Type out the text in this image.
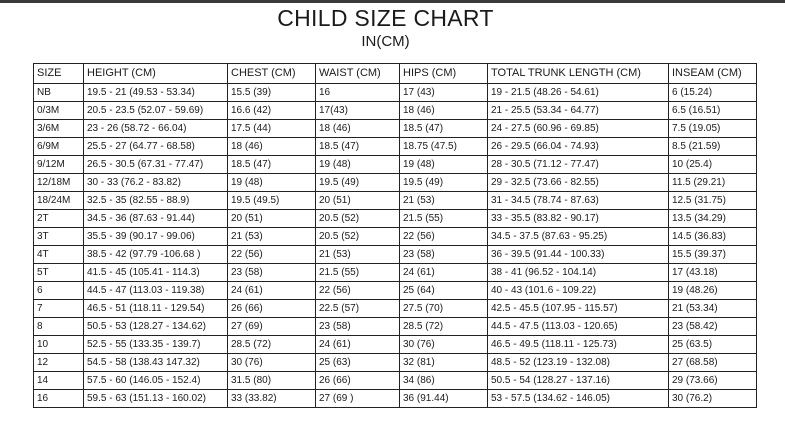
CHILD SIZE CHART
IN(CM)
SIZE	HEIGHT (CM)	CHEST (CM)	WAIST (CM)	HIPS (CM)	TOTAL TRUNK LENGTH (CM)	INSEAM (CM)
NB	19.5 - 21 (49.53 - 53.34)	15.5 (39)	16	17 (43)	19 - 21.5 (48.26 - 54.61)	6 (15.24)
0/3M	20.5 - 23.5 (52.07 - 59.69)	16.6 (42)	17(43)	18 (46)	21 - 25.5 (53.34 - 64.77)	6.5 (16.51)
3/6M	23 - 26 (58.72 - 66.04)	17.5 (44)	18 (46)	18.5 (47)	24 - 27.5 (60.96 - 69.85)	7.5 (19.05)
6/9M	25.5 - 27 (64.77 - 68.58)	18 (46)	18.5 (47)	18.75 (47.5)	26 - 29.5 (66.04 - 74.93)	8.5 (21.59)
9/12M	26.5 - 30.5 (67.31 - 77.47)	18.5 (47)	19 (48)	19 (48)	28 - 30.5 (71.12 - 77.47)	10 (25.4)
12/18M	30 - 33 (76.2 - 83.82)	19 (48)	19.5 (49)	19.5 (49)	29 - 32.5 (73.66 - 82.55)	11.5 (29.21)
18/24M	32.5 - 35 (82.55 - 88.9)	19.5 (49.5)	20 (51)	21 (53)	31 - 34.5 (78.74 - 87.63)	12.5 (31.75)
2T	34.5 - 36 (87.63 - 91.44)	20 (51)	20.5 (52)	21.5 (55)	33 - 35.5 (83.82 - 90.17)	13.5 (34.29)
3T	35.5 - 39 (90.17 - 99.06)	21 (53)	20.5 (52)	22 (56)	34.5 - 37.5 (87.63 - 95.25)	14.5 (36.83)
4T	38.5 - 42 (97.79 -106.68 )	22 (56)	21 (53)	23 (58)	36 - 39.5 (91.44 - 100.33)	15.5 (39.37)
5T	41.5 - 45 (105.41 - 114.3)	23 (58)	21.5 (55)	24 (61)	38 - 41 (96.52 - 104.14)	17 (43.18)
6	44.5 - 47 (113.03 - 119.38)	24 (61)	22 (56)	25 (64)	40 - 43 (101.6 - 109.22)	19 (48.26)
7	46.5 - 51 (118.11 - 129.54)	26 (66)	22.5 (57)	27.5 (70)	42.5 - 45.5 (107.95 - 115.57)	21 (53.34)
8	50.5 - 53 (128.27 - 134.62)	27 (69)	23 (58)	28.5 (72)	44.5 - 47.5 (113.03 - 120.65)	23 (58.42)
10	52.5 - 55 (133.35 - 139.7)	28.5 (72)	24 (61)	30 (76)	46.5 - 49.5 (118.11 - 125.73)	25 (63.5)
12	54.5 - 58 (138.43 147.32)	30 (76)	25 (63)	32 (81)	48.5 - 52 (123.19 - 132.08)	27 (68.58)
14	57.5 - 60 (146.05 - 152.4)	31.5 (80)	26 (66)	34 (86)	50.5 - 54 (128.27 - 137.16)	29 (73.66)
16	59.5 - 63 (151.13 - 160.02)	33 (33.82)	27 (69 )	36 (91.44)	53 - 57.5 (134.62 - 146.05)	30 (76.2)
